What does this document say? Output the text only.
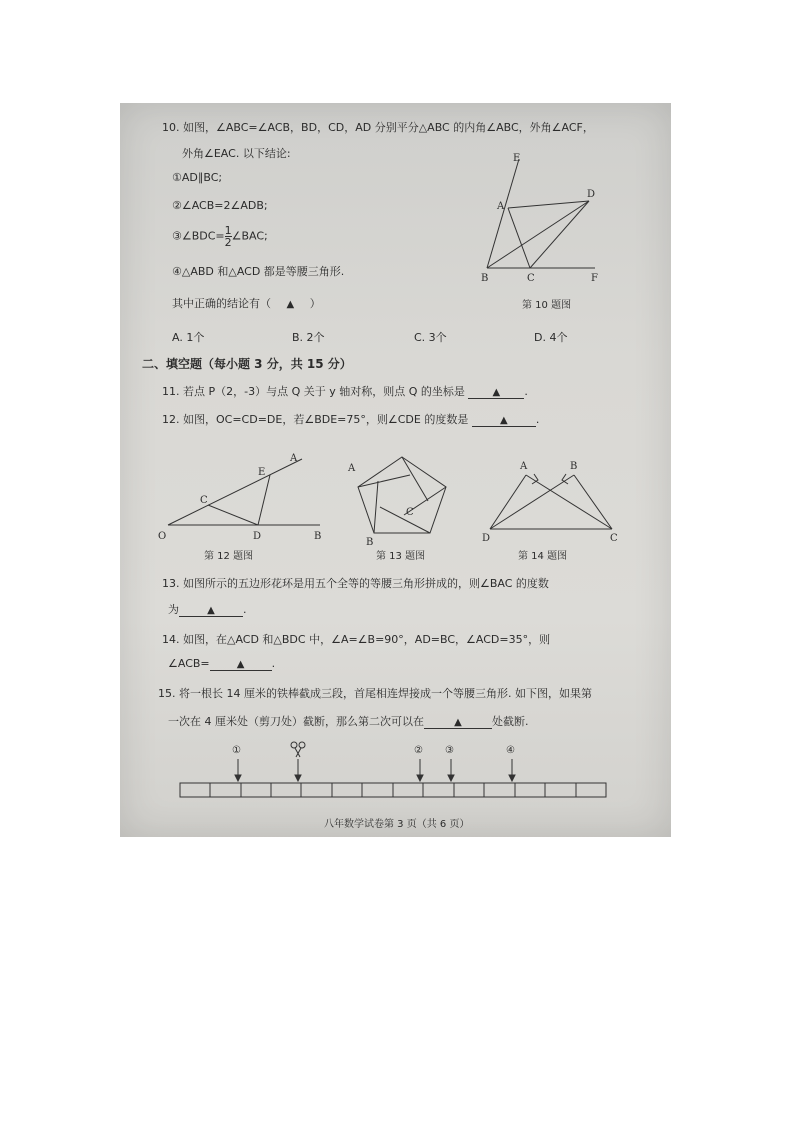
10. 如图，∠ABC=∠ACB，BD，CD，AD 分别平分△ABC 的内角∠ABC，外角∠ACF，
外角∠EAC. 以下结论:
①AD∥BC;
②∠ACB=2∠ADB;
③∠BDC= $\frac{1}{2}$ ∠BAC;
④△ABD 和△ACD 都是等腰三角形.
其中正确的结论有（ ▲ ）
A. 1个	B. 2个	C. 3个	D. 4个
E
D
A
B	C	F
第 10 题图
二、填空题（每小题 3 分，共 15 分）
11. 若点 P（2，-3）与点 Q 关于 y 轴对称，则点 Q 的坐标是	▲ .
12. 如图，OC=CD=DE，若∠BDE=75°，则∠CDE 的度数是	▲	.
O
C
E
A
D	B
第 12 题图
A
B
C
第 13 题图
A	B
D	C
第 14 题图
13. 如图所示的五边形花环是用五个全等的等腰三角形拼成的，则∠BAC 的度数
为	▲	.
14. 如图，在△ACD 和△BDC 中，∠A=∠B=90°，AD=BC，∠ACD=35°，则
∠ACB=	▲ .
15. 将一根长 14 厘米的铁棒截成三段，首尾相连焊接成一个等腰三角形. 如下图，如果第
一次在 4 厘米处（剪刀处）截断，那么第二次可以在	▲	处截断.
①	② ③	④
八年数学试卷第 3 页（共 6 页）
